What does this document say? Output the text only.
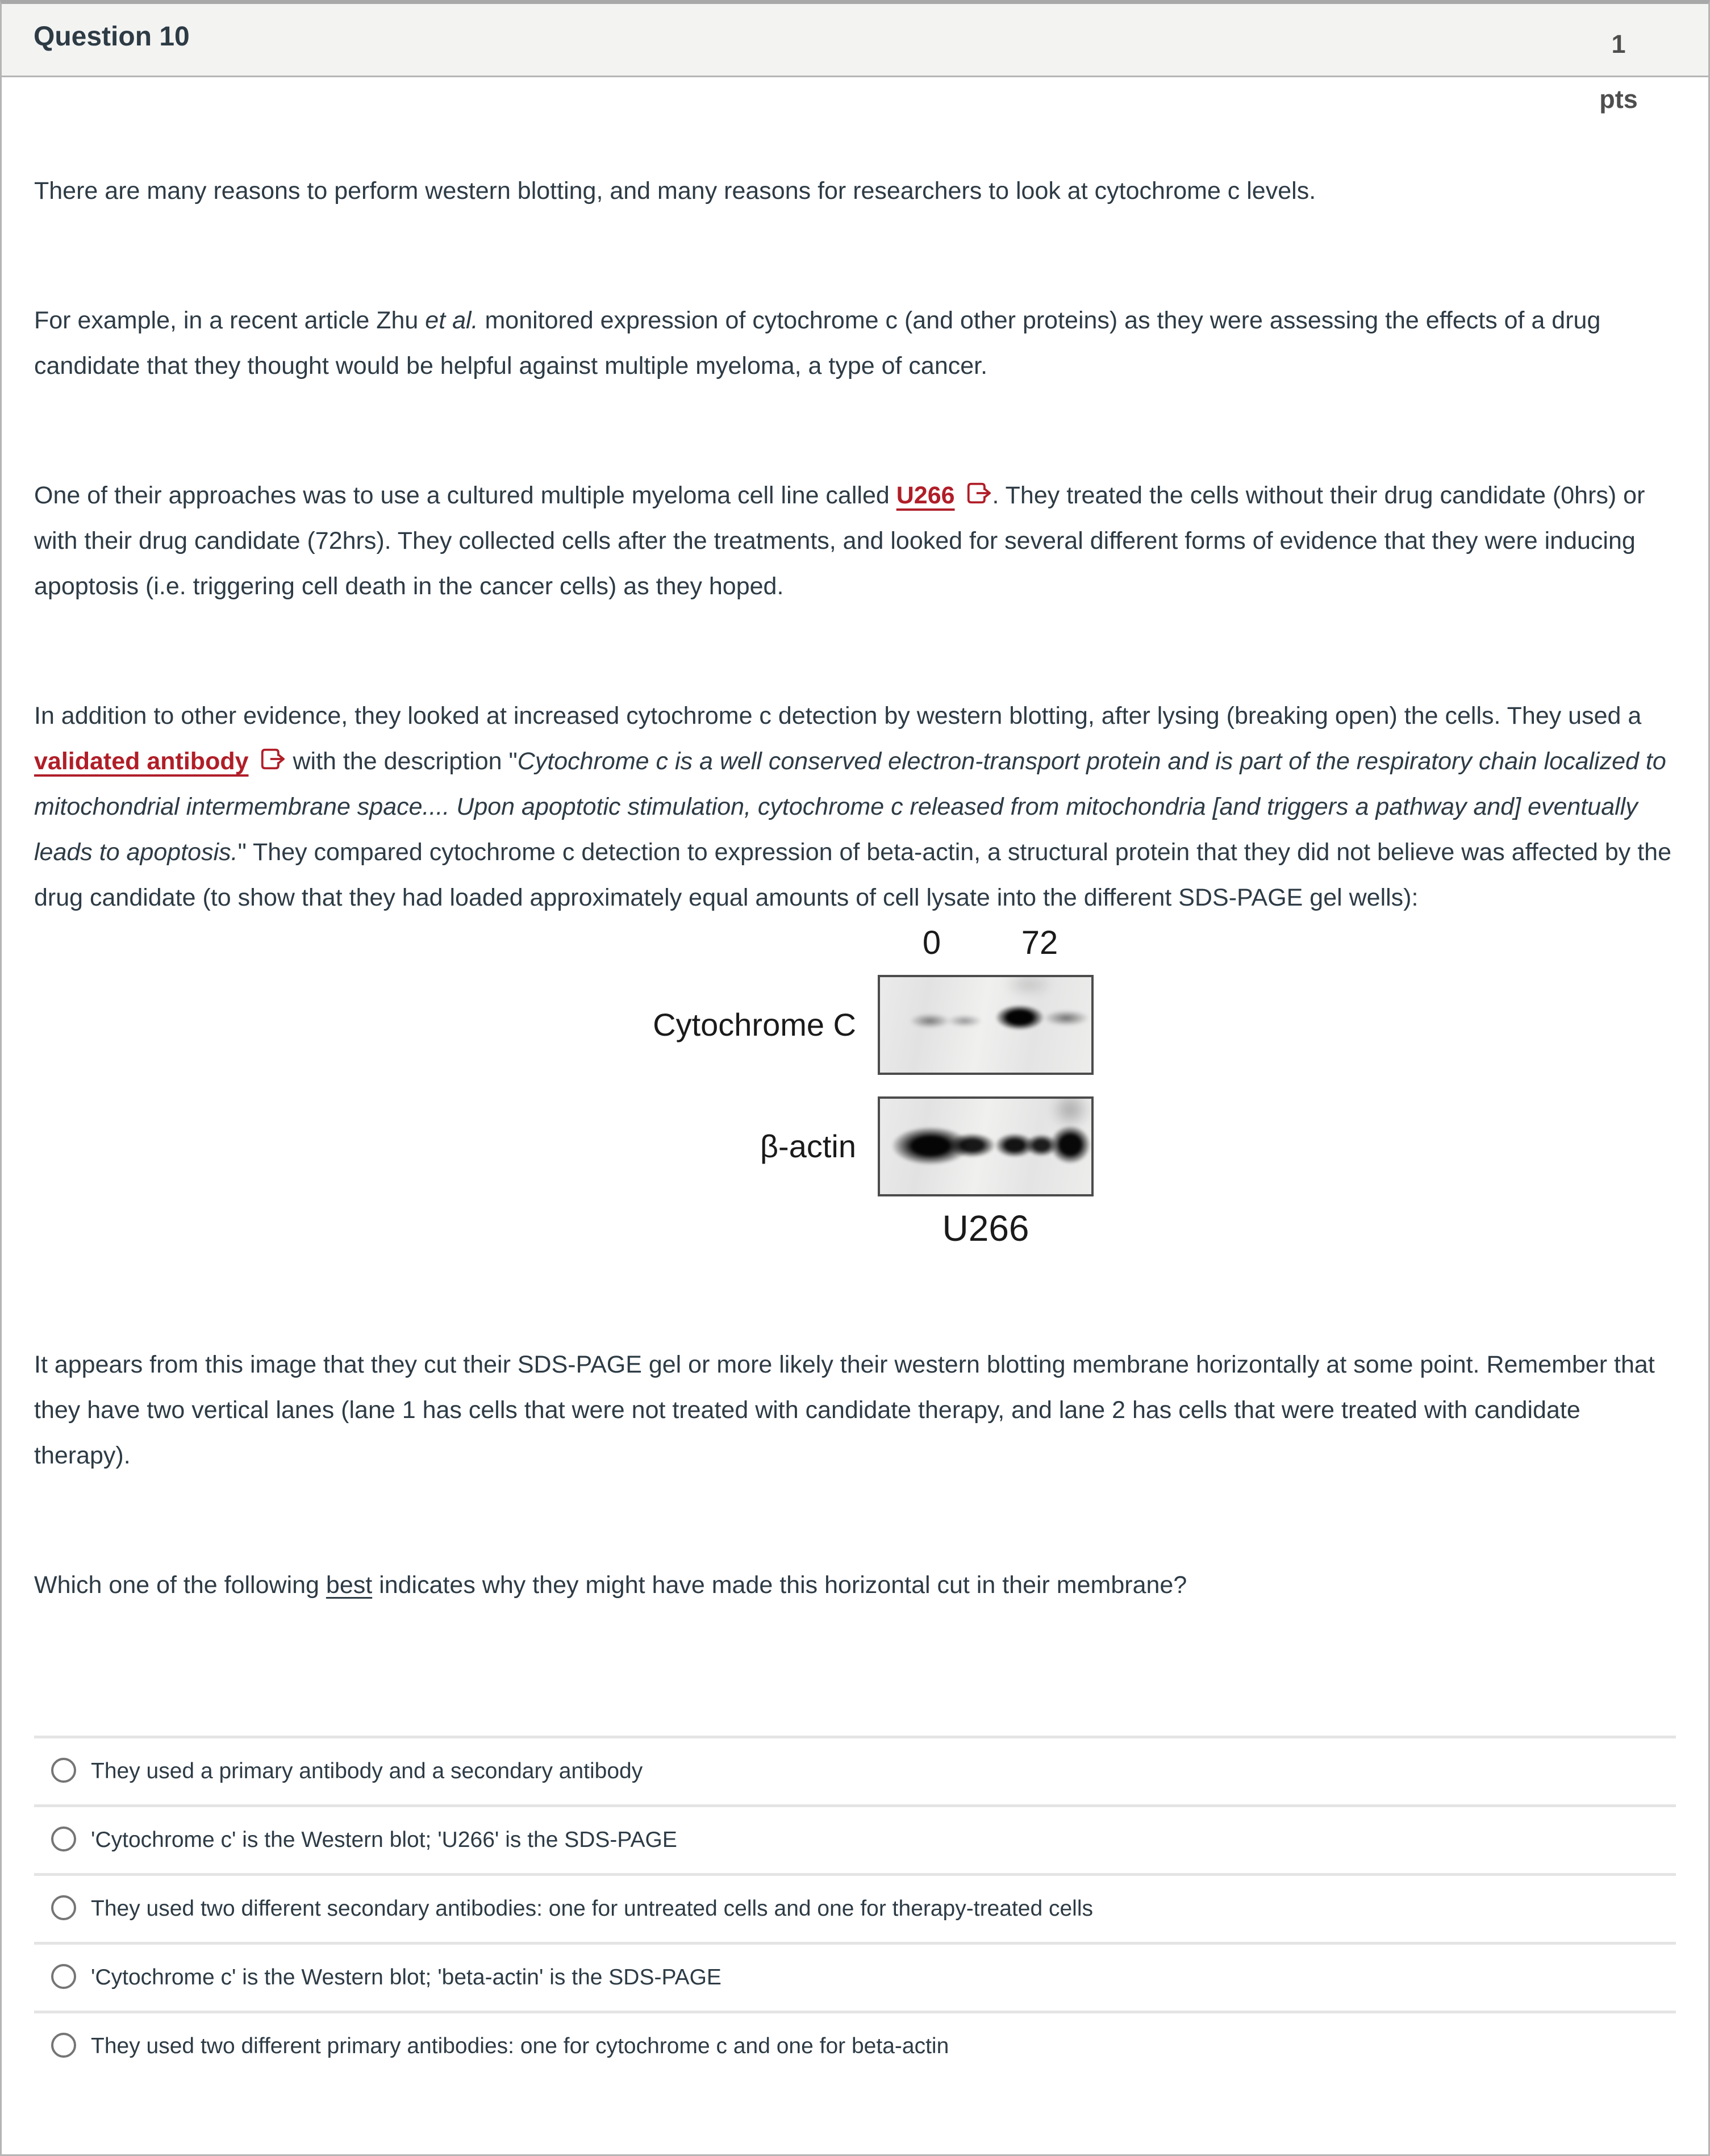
Question 10	1
pts

There are many reasons to perform western blotting, and many reasons for researchers to look at cytochrome c levels.

For example, in a recent article Zhu et al. monitored expression of cytochrome c (and other proteins) as they were assessing the effects of a drug candidate that they thought would be helpful against multiple myeloma, a type of cancer.

One of their approaches was to use a cultured multiple myeloma cell line called U266 . They treated the cells without their drug candidate (0hrs) or with their drug candidate (72hrs). They collected cells after the treatments, and looked for several different forms of evidence that they were inducing apoptosis (i.e. triggering cell death in the cancer cells) as they hoped.

In addition to other evidence, they looked at increased cytochrome c detection by western blotting, after lysing (breaking open) the cells. They used a validated antibody with the description "Cytochrome c is a well conserved electron-transport protein and is part of the respiratory chain localized to mitochondrial intermembrane space.... Upon apoptotic stimulation, cytochrome c released from mitochondria [and triggers a pathway and] eventually leads to apoptosis." They compared cytochrome c detection to expression of beta-actin, a structural protein that they did not believe was affected by the drug candidate (to show that they had loaded approximately equal amounts of cell lysate into the different SDS-PAGE gel wells):

0	72
Cytochrome C
β-actin
U266

It appears from this image that they cut their SDS-PAGE gel or more likely their western blotting membrane horizontally at some point. Remember that they have two vertical lanes (lane 1 has cells that were not treated with candidate therapy, and lane 2 has cells that were treated with candidate therapy).

Which one of the following best indicates why they might have made this horizontal cut in their membrane?

They used a primary antibody and a secondary antibody
'Cytochrome c' is the Western blot; 'U266' is the SDS-PAGE
They used two different secondary antibodies: one for untreated cells and one for therapy-treated cells
'Cytochrome c' is the Western blot; 'beta-actin' is the SDS-PAGE
They used two different primary antibodies: one for cytochrome c and one for beta-actin
